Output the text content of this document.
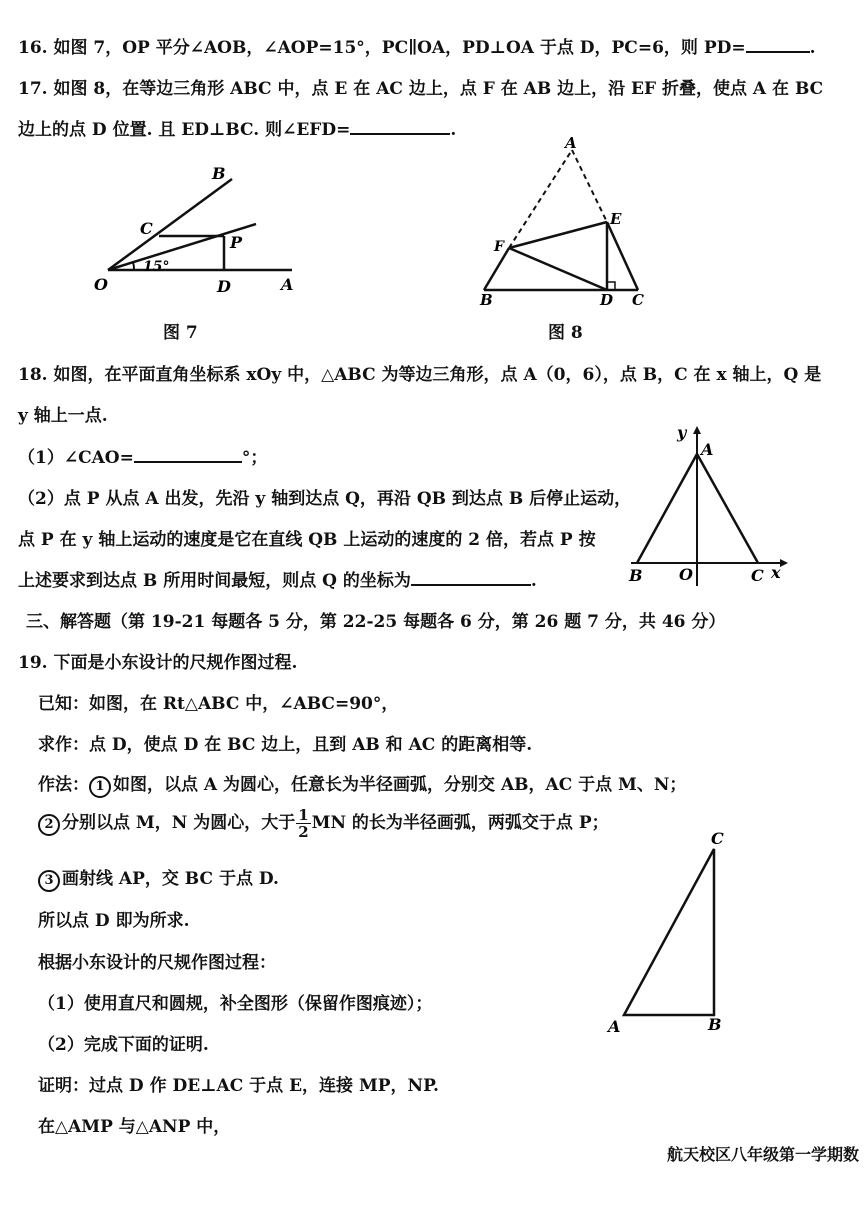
16. 如图 7，OP 平分∠AOB，∠AOP=15°，PC∥OA，PD⊥OA 于点 D，PC=6，则 PD=	.
17. 如图 8，在等边三角形 ABC 中，点 E 在 AC 边上，点 F 在 AB 边上，沿 EF 折叠，使点 A 在 BC
边上的点 D 位置. 且 ED⊥BC. 则∠EFD=	.
B
C
P
O	D	A
15°
图 7
A
E
F
B	D C
图 8
18. 如图，在平面直角坐标系 xOy 中，△ABC 为等边三角形，点 A（0，6），点 B，C 在 x 轴上，Q 是
y 轴上一点.
（1）∠CAO=	°；
（2）点 P 从点 A 出发，先沿 y 轴到达点 Q，再沿 QB 到达点 B 后停止运动，
点 P 在 y 轴上运动的速度是它在直线 QB 上运动的速度的 2 倍，若点 P 按
上述要求到达点 B 所用时间最短，则点 Q 的坐标为	.
y
A
B O	C x
三、解答题（第 19-21 每题各 5 分，第 22-25 每题各 6 分，第 26 题 7 分，共 46 分）
19. 下面是小东设计的尺规作图过程.
已知：如图，在 Rt△ABC 中，∠ABC=90°，
求作：点 D，使点 D 在 BC 边上，且到 AB 和 AC 的距离相等.
作法： 1 如图，以点 A 为圆心，任意长为半径画弧，分别交 AB，AC 于点 M、N；
2 分别以点 M，N 为圆心，大于 $\frac{1}{2}$ MN 的长为半径画弧，两弧交于点 P；
3 画射线 AP，交 BC 于点 D.
所以点 D 即为所求.
根据小东设计的尺规作图过程：
（1）使用直尺和圆规，补全图形（保留作图痕迹）；
（2）完成下面的证明.
证明：过点 D 作 DE⊥AC 于点 E，连接 MP，NP.
在△AMP 与△ANP 中，
C
A	B
航天校区八年级第一学期数
